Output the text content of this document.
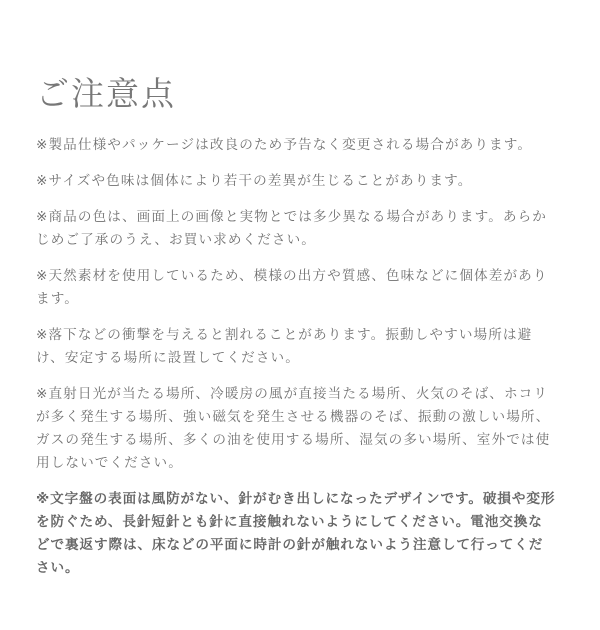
ご注意点

※製品仕様やパッケージは改良のため予告なく変更される場合があります。

※サイズや色味は個体により若干の差異が生じることがあります。

※商品の色は、画面上の画像と実物とでは多少異なる場合があります。あらかじめご了承のうえ、お買い求めください。

※天然素材を使用しているため、模様の出方や質感、色味などに個体差があります。

※落下などの衝撃を与えると割れることがあります。振動しやすい場所は避け、安定する場所に設置してください。

※直射日光が当たる場所、冷暖房の風が直接当たる場所、火気のそば、ホコリが多く発生する場所、強い磁気を発生させる機器のそば、振動の激しい場所、ガスの発生する場所、多くの油を使用する場所、湿気の多い場所、室外では使用しないでください。

※文字盤の表面は風防がない、針がむき出しになったデザインです。破損や変形を防ぐため、長針短針とも針に直接触れないようにしてください。電池交換などで裏返す際は、床などの平面に時計の針が触れないよう注意して行ってください。
